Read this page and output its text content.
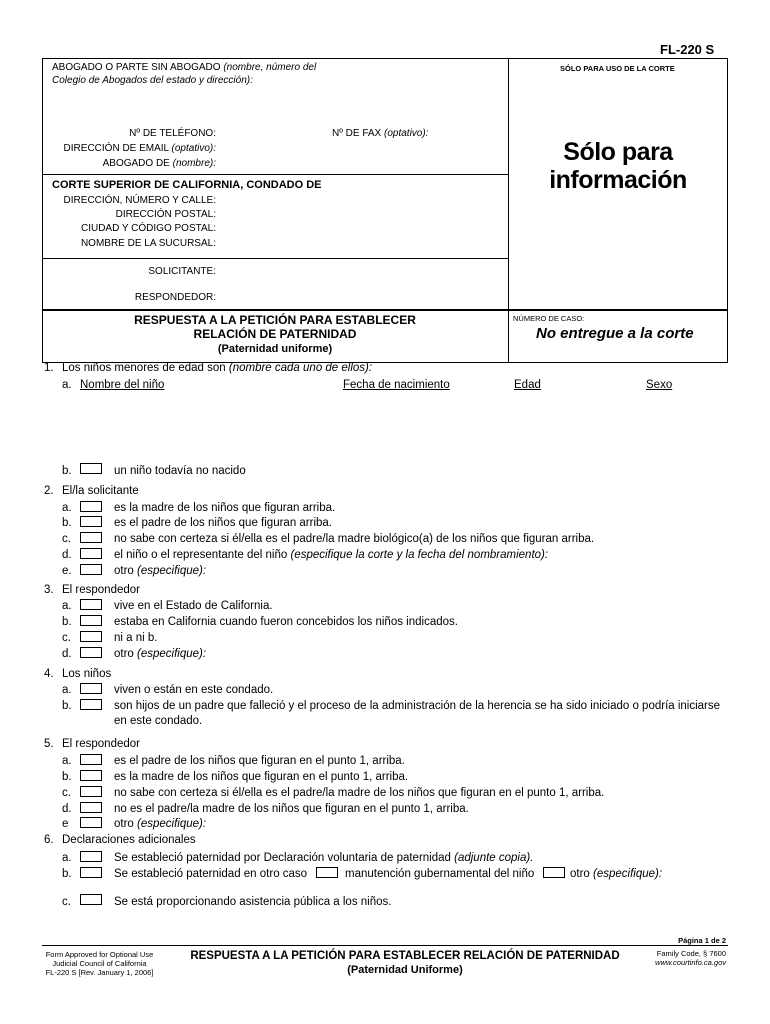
FL-220 S
ABOGADO O PARTE SIN ABOGADO (nombre, número del
Colegio de Abogados del estado y dirección):
SÓLO PARA USO DE LA CORTE
Nº DE TELÉFONO:	Nº DE FAX (optativo):
DIRECCIÓN DE EMAIL (optativo):
ABOGADO DE (nombre):	Sólo para
información
CORTE SUPERIOR DE CALIFORNIA, CONDADO DE
DIRECCIÓN, NÚMERO Y CALLE:
DIRECCIÓN POSTAL:
CIUDAD Y CÓDIGO POSTAL:
NOMBRE DE LA SUCURSAL:
SOLICITANTE:
RESPONDEDOR:
RESPUESTA A LA PETICIÓN PARA ESTABLECER
RELACIÓN DE PATERNIDAD
(Paternidad uniforme)
NÚMERO DE CASO:
No entregue a la corte
1. Los niños menores de edad son (nombre cada uno de ellos):
a. Nombre del niño	Fecha de nacimiento	Edad	Sexo
b.	un niño todavía no nacido
2. El/la solicitante
a.	es la madre de los niños que figuran arriba.
b.	es el padre de los niños que figuran arriba.
c.	no sabe con certeza si él/ella es el padre/la madre biológico(a) de los niños que figuran arriba.
d.	el niño o el representante del niño (especifique la corte y la fecha del nombramiento):
e.	otro (especifique):
3. El respondedor
a.	vive en el Estado de California.
b.	estaba en California cuando fueron concebidos los niños indicados.
c.	ni a ni b.
d.	otro (especifique):
4. Los niños
a.	viven o están en este condado.
b.	son hijos de un padre que falleció y el proceso de la administración de la herencia se ha sido iniciado o podría iniciarse
en este condado.
5. El respondedor
a.	es el padre de los niños que figuran en el punto 1, arriba.
b.	es la madre de los niños que figuran en el punto 1, arriba.
c.	no sabe con certeza si él/ella es el padre/la madre de los niños que figuran en el punto 1, arriba.
d.	no es el padre/la madre de los niños que figuran en el punto 1, arriba.
e	otro (especifique):
6. Declaraciones adicionales
a.	Se estableció paternidad por Declaración voluntaria de paternidad (adjunte copia).
b.	Se estableció paternidad en otro caso	manutención gubernamental del niño	otro (especifique):
c.	Se está proporcionando asistencia pública a los niños.
Página 1 de 2
Form Approved for Optional Use
Judicial Council of California
FL-220 S [Rev. January 1, 2006]
RESPUESTA A LA PETICIÓN PARA ESTABLECER RELACIÓN DE PATERNIDAD
(Paternidad Uniforme)
Family Code, § 7600
www.courtinfo.ca.gov
